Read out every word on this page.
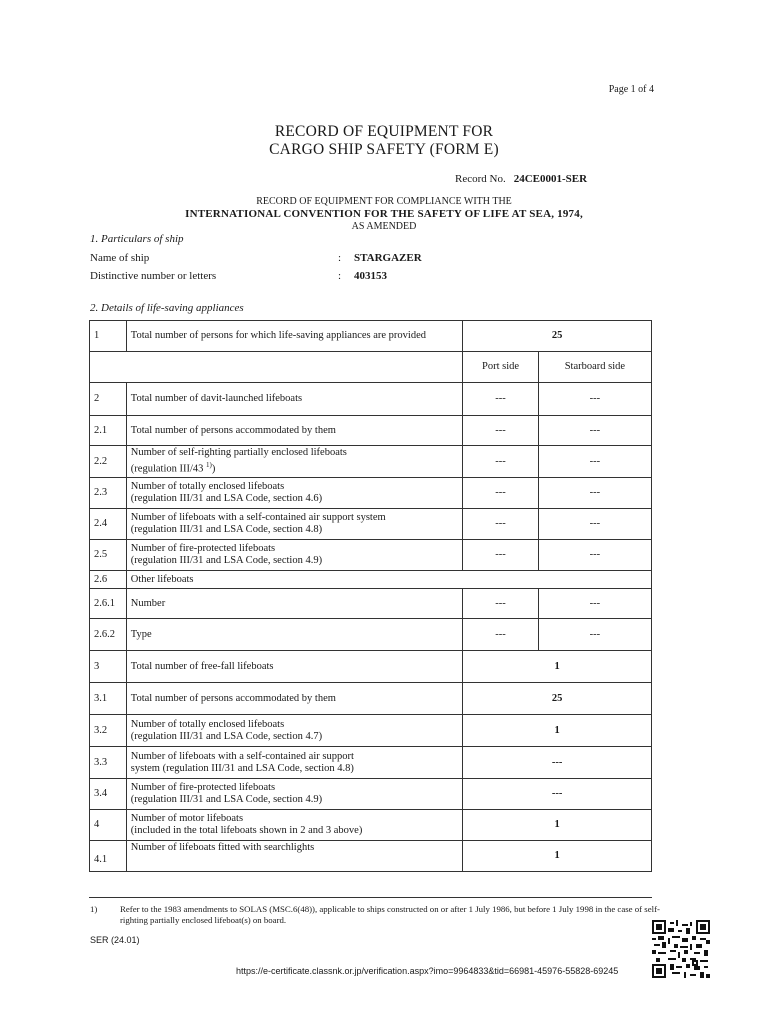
Page 1 of 4
RECORD OF EQUIPMENT FOR
CARGO SHIP SAFETY (FORM E)
Record No. 24CE0001-SER
RECORD OF EQUIPMENT FOR COMPLIANCE WITH THE
INTERNATIONAL CONVENTION FOR THE SAFETY OF LIFE AT SEA, 1974,
AS AMENDED
1. Particulars of ship
Name of ship	: STARGAZER
Distinctive number or letters	: 403153
2. Details of life-saving appliances
1	Total number of persons for which life-saving appliances are provided	25	
		Port side	Starboard side
2	Total number of davit-launched lifeboats	---	---
2.1	Total number of persons accommodated by them	---	---
2.2	Number of self-righting partially enclosed lifeboats
(regulation III/43 $^{1)}$)	---	---
2.3	Number of totally enclosed lifeboats
(regulation III/31 and LSA Code, section 4.6)	---	---
2.4	Number of lifeboats with a self-contained air support system
(regulation III/31 and LSA Code, section 4.8)	---	---
2.5	Number of fire-protected lifeboats
(regulation III/31 and LSA Code, section 4.9)	---	---
2.6	Other lifeboats		
2.6.1	Number	---	---
2.6.2	Type	---	---
3	Total number of free-fall lifeboats	1	
3.1	Total number of persons accommodated by them	25	
3.2	Number of totally enclosed lifeboats
(regulation III/31 and LSA Code, section 4.7)	1	
3.3	Number of lifeboats with a self-contained air support
system (regulation III/31 and LSA Code, section 4.8)	---	
3.4	Number of fire-protected lifeboats
(regulation III/31 and LSA Code, section 4.9)	---	
4	Number of motor lifeboats
(included in the total lifeboats shown in 2 and 3 above)	1	
4.1	Number of lifeboats fitted with searchlights	1	
1)	Refer to the 1983 amendments to SOLAS (MSC.6(48)), applicable to ships constructed on or after 1 July 1986, but before 1 July 1998 in the case of self-righting partially enclosed lifeboat(s) on board.
SER (24.01)
https://e-certificate.classnk.or.jp/verification.aspx?imo=9964833&tid=66981-45976-55828-69245
